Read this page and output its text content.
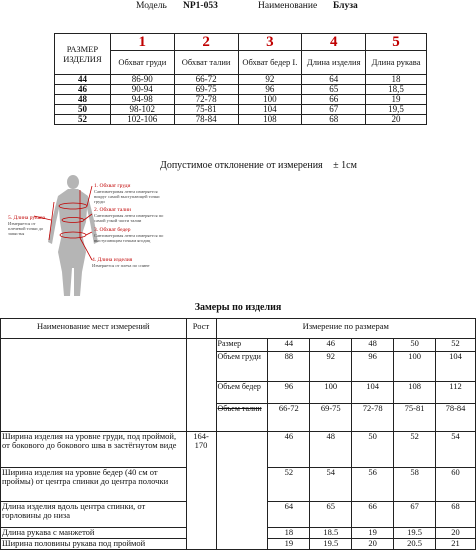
Модель NP1-053	Наименование Блуза
РАЗМЕР ИЗДЕЛИЯ	1	2	3	4	5
	Обхват груди	Обхват талии	Обхват бедер I.	Длина изделия	Длина рукава
44	86-90	66-72	92	64	18
46	90-94	69-75	96	65	18,5
48	94-98	72-78	100	66	19
50	98-102	75-81	104	67	19,5
52	102-106	78-84	108	68	20
Допустимое отклонение от измерения ± 1см
1. Обхват груди
Сантиметровая лента измеряется вокруг самой выступающей точки груди
2. Обхват талии
Сантиметровая лента измеряется по самой узкой части талии
3. Обхват бедер
Сантиметровая лента измеряется по выступающим точкам ягодиц
5. Длина рукава
Измеряется от плечевой точки до запястья
4. Длина изделия
Измеряется от плеча по спине
Замеры по изделия
Наименование мест измерений	Рост	Измерение по размерам					
		Размер	44	46	48	50	52
		Объем груди	88	92	96	100	104
		Объем бедер	96	100	104	108	112
		Объем талии	66-72	69-75	72-78	75-81	78-84
Ширина изделия на уровне груди, под проймой, от бокового до бокового шва в застёгнутом виде	164-170		46	48	50	52	54
Ширина изделия на уровне бедер (40 см от проймы) от центра спинки до центра полочки			52	54	56	58	60
Длина изделия вдоль центра спинки, от горловины до низа			64	65	66	67	68
Длина рукава с манжетой			18	18.5	19	19.5	20
Ширина половины рукава под проймой			19	19.5	20	20.5	21
